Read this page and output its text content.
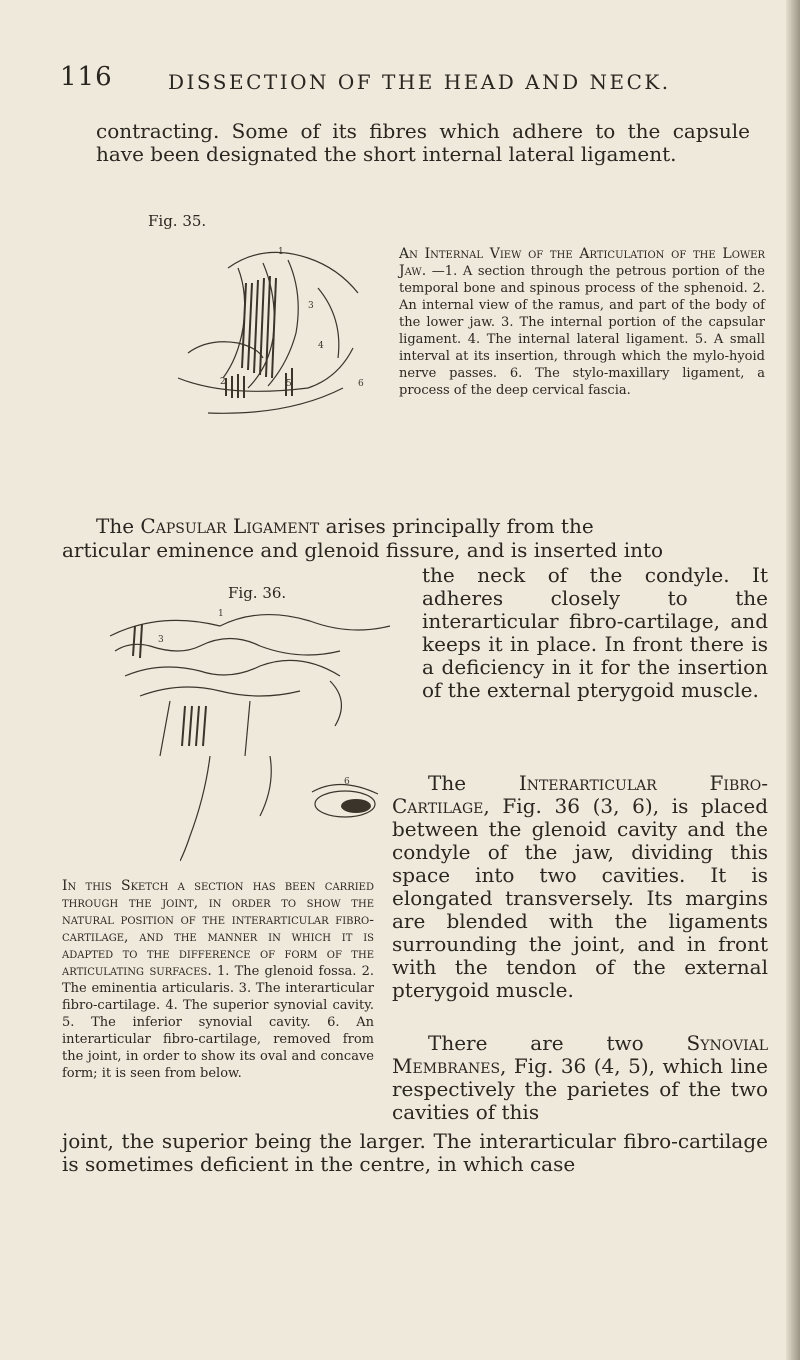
116	DISSECTION OF THE HEAD AND NECK.

contracting. Some of its fibres which adhere to the capsule have been designated the short internal lateral ligament.

Fig. 35.
1
2
3
4
5	6

An Internal View of the Articulation of the Lower Jaw. —1. A section through the petrous portion of the temporal bone and spinous process of the sphenoid. 2. An internal view of the ramus, and part of the body of the lower jaw. 3. The internal portion of the capsular ligament. 4. The internal lateral ligament. 5. A small interval at its insertion, through which the mylo-hyoid nerve passes. 6. The stylo-maxillary ligament, a process of the deep cervical fascia.

The Capsular Ligament arises principally from the
articular eminence and glenoid fissure, and is inserted into

the neck of the condyle. It adheres closely to the interarticular fibro-cartilage, and keeps it in place. In front there is a deficiency in it for the insertion of the external pterygoid muscle.

Fig. 36.
1
3
6

In this Sketch a section has been carried through the joint, in order to show the natural position of the interarticular fibro-cartilage, and the manner in which it is adapted to the difference of form of the articulating surfaces. 1. The glenoid fossa. 2. The eminentia articularis. 3. The interarticular fibro-cartilage. 4. The superior synovial cavity. 5. The inferior synovial cavity. 6. An interarticular fibro-cartilage, removed from the joint, in order to show its oval and concave form; it is seen from below.

The	Interarticular Fibro-Cartilage, Fig. 36 (3, 6), is placed between the glenoid cavity and the condyle of the jaw, dividing this space into two cavities. It is elongated transversely. Its margins are blended with the ligaments surrounding the joint, and in front with the tendon of the external pterygoid muscle.

There are two Synovial Membranes, Fig. 36 (4, 5), which line respectively the parietes of the two cavities of this

joint, the superior being the larger. The interarticular fibro-cartilage is sometimes deficient in the centre, in which case
